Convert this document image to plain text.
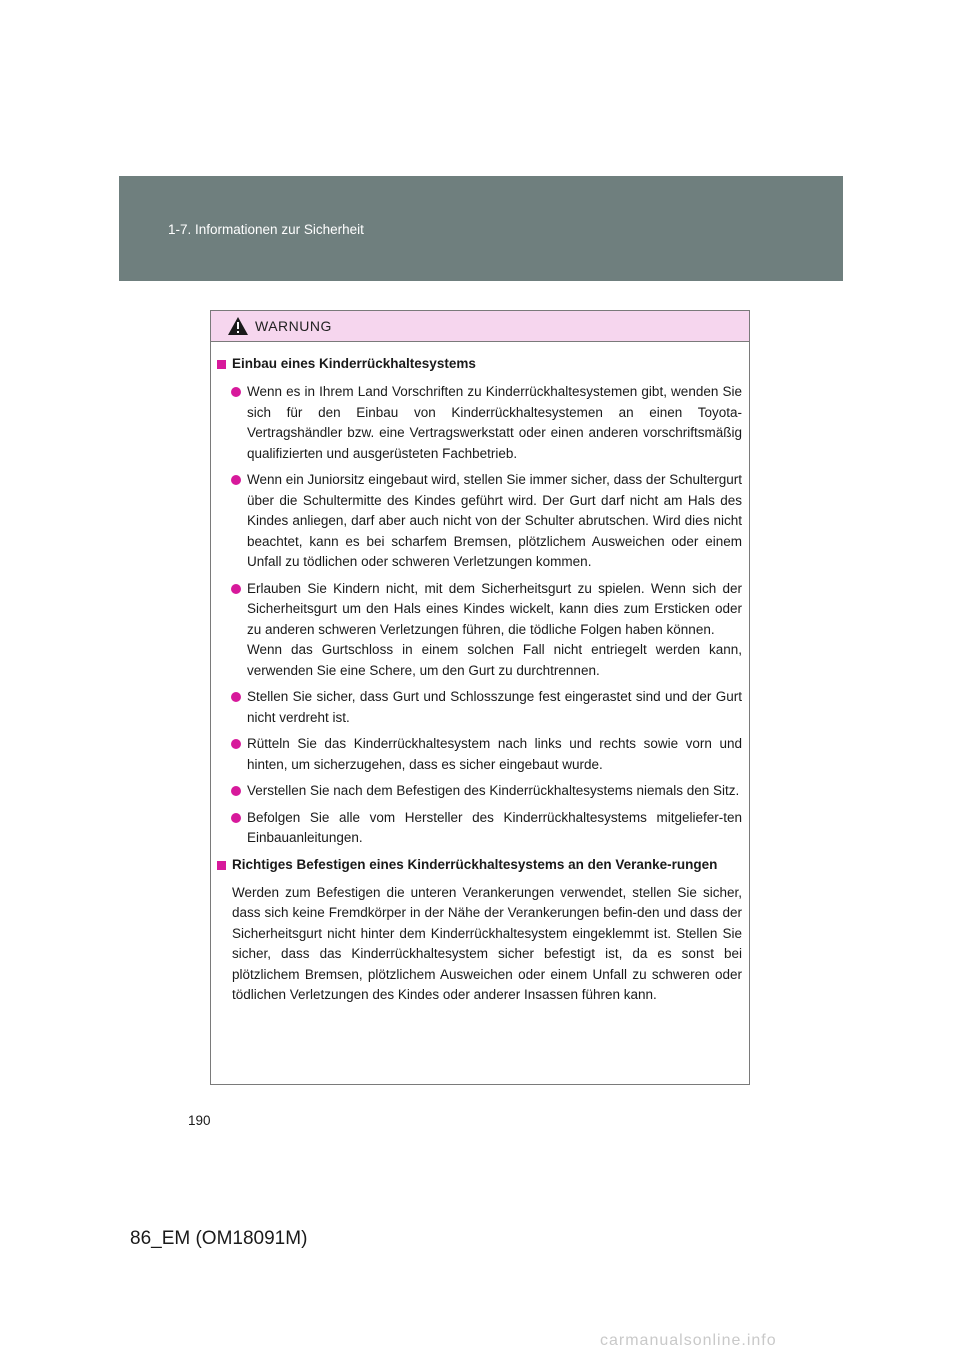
1-7. Informationen zur Sicherheit
WARNUNG
Einbau eines Kinderrückhaltesystems
Wenn es in Ihrem Land Vorschriften zu Kinderrückhaltesystemen gibt, wenden Sie sich für den Einbau von Kinderrückhaltesystemen an einen Toyota-Vertragshändler bzw. eine Vertragswerkstatt oder einen anderen vorschriftsmäßig qualifizierten und ausgerüsteten Fachbetrieb.
Wenn ein Juniorsitz eingebaut wird, stellen Sie immer sicher, dass der Schultergurt über die Schultermitte des Kindes geführt wird. Der Gurt darf nicht am Hals des Kindes anliegen, darf aber auch nicht von der Schulter abrutschen. Wird dies nicht beachtet, kann es bei scharfem Bremsen, plötzlichem Ausweichen oder einem Unfall zu tödlichen oder schweren Verletzungen kommen.
Erlauben Sie Kindern nicht, mit dem Sicherheitsgurt zu spielen. Wenn sich der Sicherheitsgurt um den Hals eines Kindes wickelt, kann dies zum Ersticken oder zu anderen schweren Verletzungen führen, die tödliche Folgen haben können.
Wenn das Gurtschloss in einem solchen Fall nicht entriegelt werden kann, verwenden Sie eine Schere, um den Gurt zu durchtrennen.
Stellen Sie sicher, dass Gurt und Schlosszunge fest eingerastet sind und der Gurt nicht verdreht ist.
Rütteln Sie das Kinderrückhaltesystem nach links und rechts sowie vorn und hinten, um sicherzugehen, dass es sicher eingebaut wurde.
Verstellen Sie nach dem Befestigen des Kinderrückhaltesystems niemals den Sitz.
Befolgen Sie alle vom Hersteller des Kinderrückhaltesystems mitgeliefer-ten Einbauanleitungen.
Richtiges Befestigen eines Kinderrückhaltesystems an den Veranke-rungen
Werden zum Befestigen die unteren Verankerungen verwendet, stellen Sie sicher, dass sich keine Fremdkörper in der Nähe der Verankerungen befin-den und dass der Sicherheitsgurt nicht hinter dem Kinderrückhaltesystem eingeklemmt ist. Stellen Sie sicher, dass das Kinderrückhaltesystem sicher befestigt ist, da es sonst bei plötzlichem Bremsen, plötzlichem Ausweichen oder einem Unfall zu schweren oder tödlichen Verletzungen des Kindes oder anderer Insassen führen kann.
190
86_EM (OM18091M)
carmanualsonline.info
